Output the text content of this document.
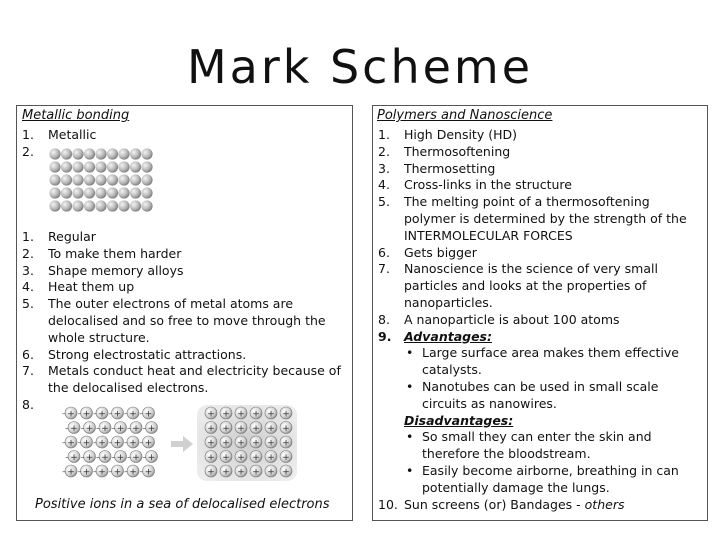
Mark Scheme
Metallic bonding
1. Metallic
2.

1. Regular
2. To make them harder
3. Shape memory alloys
4. Heat them up
5. The outer electrons of metal atoms are delocalised and so free to move through the whole structure.
6. Strong electrostatic attractions.
7. Metals conduct heat and electricity because of the delocalised electrons.
8.

+
– +
– +
– +
– +
– +
–
+
– +
– +
– +
– +
– +
–
+
– +
– +
– +
– +
– +
–
+
– +
– +
– +
– +
– +
–
+
– +
– +
– +
– +
– +
–
+ + + + + +
+ + + + + +
+ + + + + +
+ + + + + +
+ + + + + +
Positive ions in a sea of delocalised electrons
Polymers and Nanoscience
1. High Density (HD)
2. Thermosoftening
3. Thermosetting
4. Cross-links in the structure
5. The melting point of a thermosoftening polymer is determined by the strength of the INTERMOLECULAR FORCES
6. Gets bigger
7. Nanoscience is the science of very small particles and looks at the properties of nanoparticles.
8. A nanoparticle is about 100 atoms
9. Advantages:
• Large surface area makes them effective catalysts.
• Nanotubes can be used in small scale circuits as nanowires.
Disadvantages:
• So small they can enter the skin and therefore the bloodstream.
• Easily become airborne, breathing in can potentially damage the lungs.
10. Sun screens (or) Bandages - others
